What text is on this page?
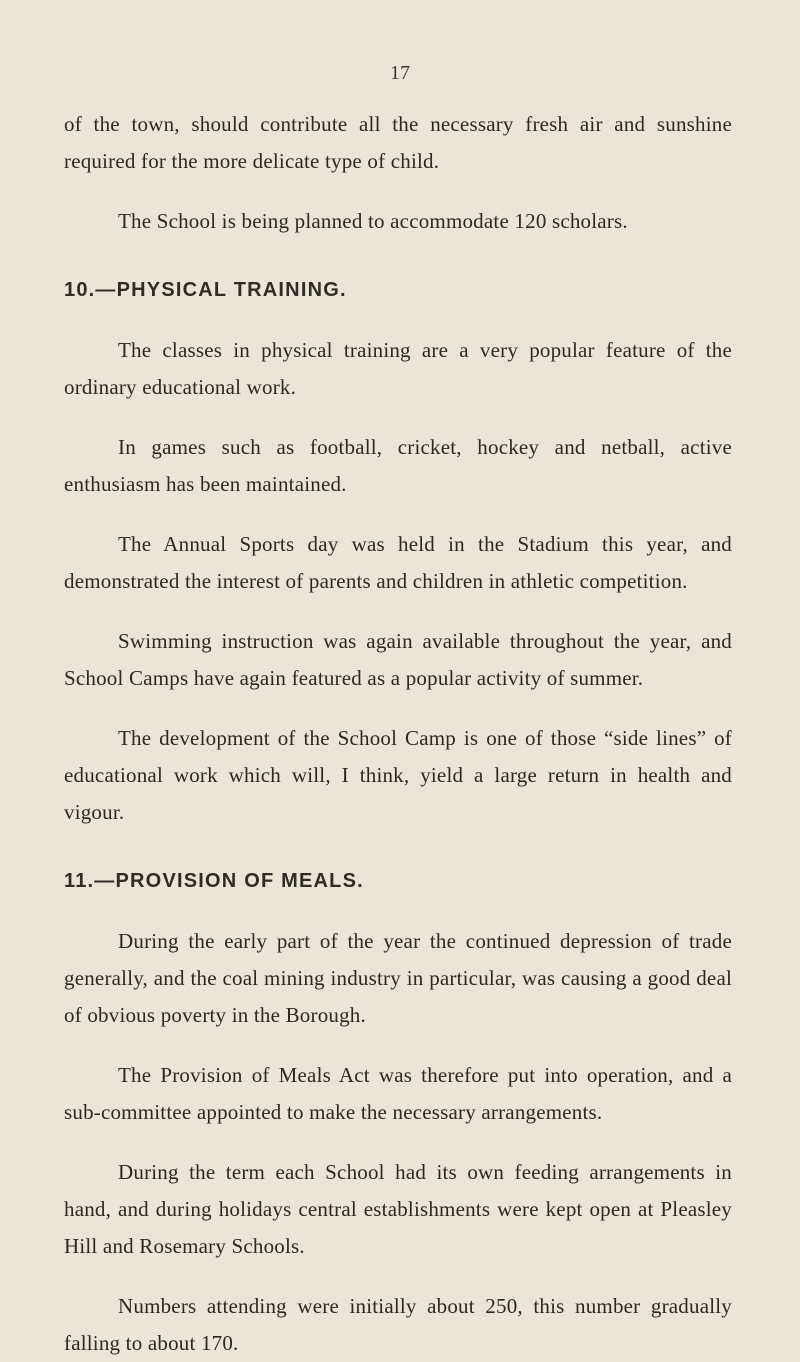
17

of the town, should contribute all the necessary fresh air and sunshine required for the more delicate type of child.

The School is being planned to accommodate 120 scholars.

10.—PHYSICAL TRAINING.

The classes in physical training are a very popular feature of the ordinary educational work.

In games such as football, cricket, hockey and netball, active enthusiasm has been maintained.

The Annual Sports day was held in the Stadium this year, and demonstrated the interest of parents and children in athletic competition.

Swimming instruction was again available throughout the year, and School Camps have again featured as a popular activity of summer.

The development of the School Camp is one of those “side lines” of educational work which will, I think, yield a large return in health and vigour.

11.—PROVISION OF MEALS.

During the early part of the year the continued depression of trade generally, and the coal mining industry in particular, was causing a good deal of obvious poverty in the Borough.

The Provision of Meals Act was therefore put into operation, and a sub-committee appointed to make the necessary arrangements.

During the term each School had its own feeding arrangements in hand, and during holidays central establishments were kept open at Pleasley Hill and Rosemary Schools.

Numbers attending were initially about 250, this number gradually falling to about 170.
